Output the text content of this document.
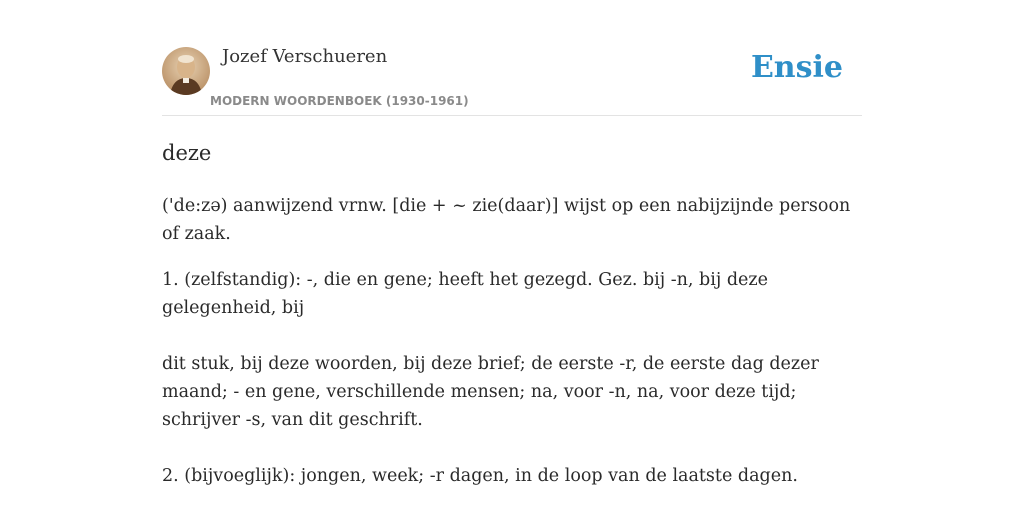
Jozef Verschueren
MODERN WOORDENBOEK (1930-1961)
Ensie
deze

('de:zə) aanwijzend vrnw. [die + ~ zie(daar)] wijst op een nabijzijnde persoon of zaak.

1. (zelfstandig): -, die en gene; heeft het gezegd. Gez. bij -n, bij deze gelegenheid, bij

dit stuk, bij deze woorden, bij deze brief; de eerste -r, de eerste dag dezer maand; - en gene, verschillende mensen; na, voor -n, na, voor deze tijd; schrijver -s, van dit geschrift.

2. (bijvoeglijk): jongen, week; -r dagen, in de loop van de laatste dagen.
